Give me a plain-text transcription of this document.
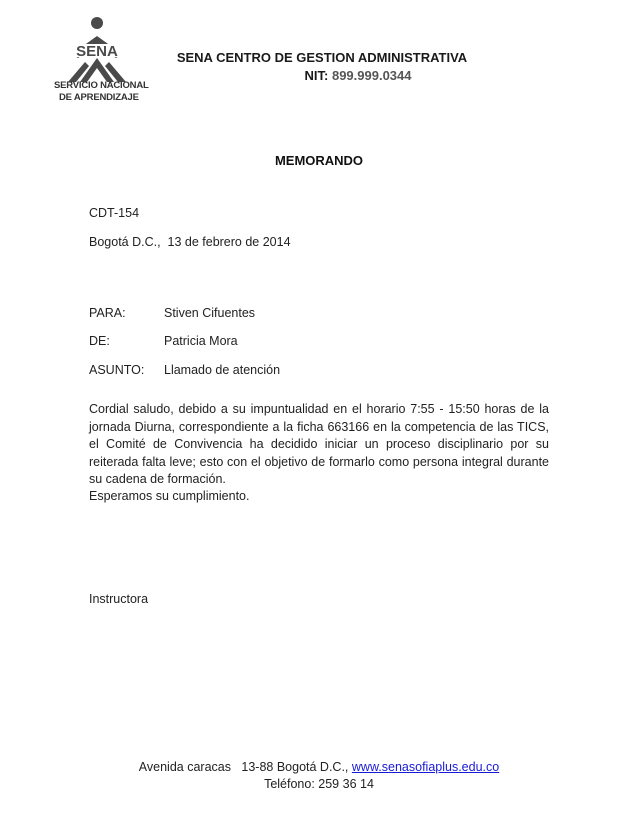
SENA
SERVICIO NACIONAL
DE APRENDIZAJE
SENA CENTRO DE GESTION ADMINISTRATIVA
NIT: 899.999.0344
MEMORANDO
CDT-154
Bogotá D.C.,  13 de febrero de 2014
PARA:	Stiven Cifuentes
DE:	Patricia Mora
ASUNTO: Llamado de atención
Cordial saludo, debido a su impuntualidad en el horario 7:55 - 15:50 horas de la jornada Diurna, correspondiente a la ficha 663166 en la competencia de las TICS, el Comité de Convivencia ha decidido iniciar un proceso disciplinario por su reiterada falta leve; esto con el objetivo de formarlo como persona integral durante su cadena de formación.
Esperamos su cumplimiento.
Instructora
Avenida caracas   13-88 Bogotá D.C., www.senasofiaplus.edu.co
Teléfono: 259 36 14
